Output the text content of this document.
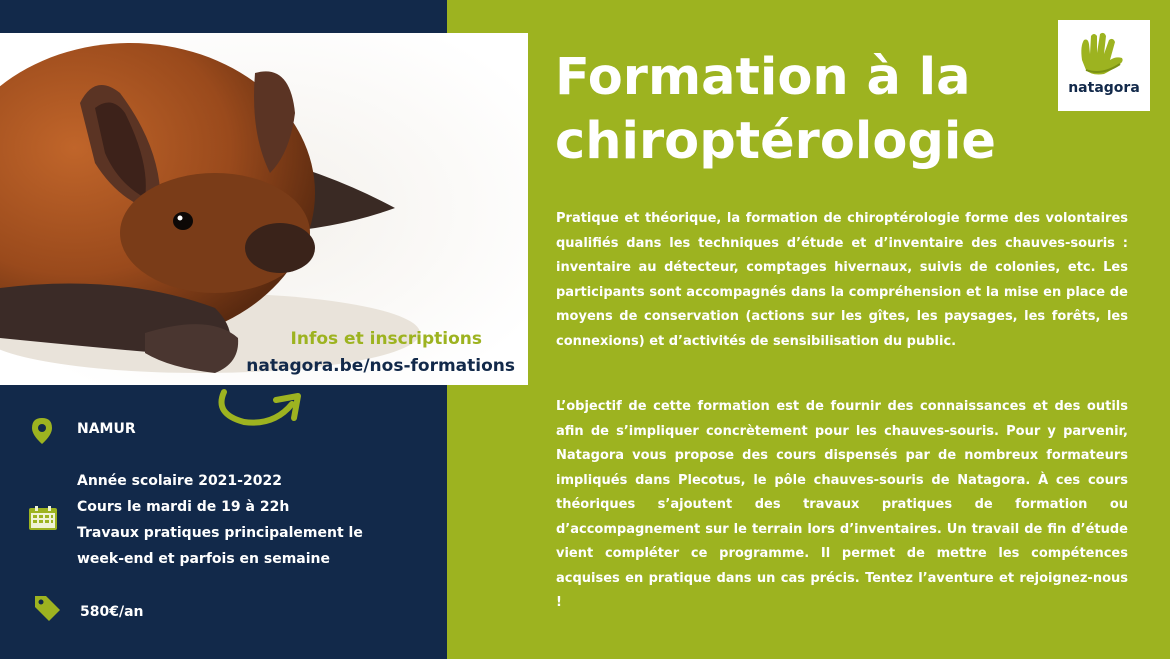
Infos et inscriptions
natagora.be/nos-formations
natagora
Formation à la
chiroptérologie
Pratique et théorique, la formation de chiroptérologie forme des volontaires qualifiés dans les techniques d’étude et d’inventaire des chauves-souris : inventaire au détecteur, comptages hivernaux, suivis de colonies, etc. Les participants sont accompagnés dans la compréhension et la mise en place de moyens de conservation (actions sur les gîtes, les paysages, les forêts, les connexions) et d’activités de sensibilisation du public.
L’objectif de cette formation est de fournir des connaissances et des outils afin de s’impliquer concrètement pour les chauves-souris. Pour y parvenir, Natagora vous propose des cours dispensés par de nombreux formateurs impliqués dans Plecotus, le pôle chauves-souris de Natagora. À ces cours théoriques s’ajoutent des travaux pratiques de formation ou d’accompagnement sur le terrain lors d’inventaires. Un travail de fin d’étude vient compléter ce programme. Il permet de mettre les compétences acquises en pratique dans un cas précis. Tentez l’aventure et rejoignez-nous !
NAMUR
Année scolaire 2021-2022
Cours le mardi de 19 à 22h
Travaux pratiques principalement le
week-end et parfois en semaine
580€/an
